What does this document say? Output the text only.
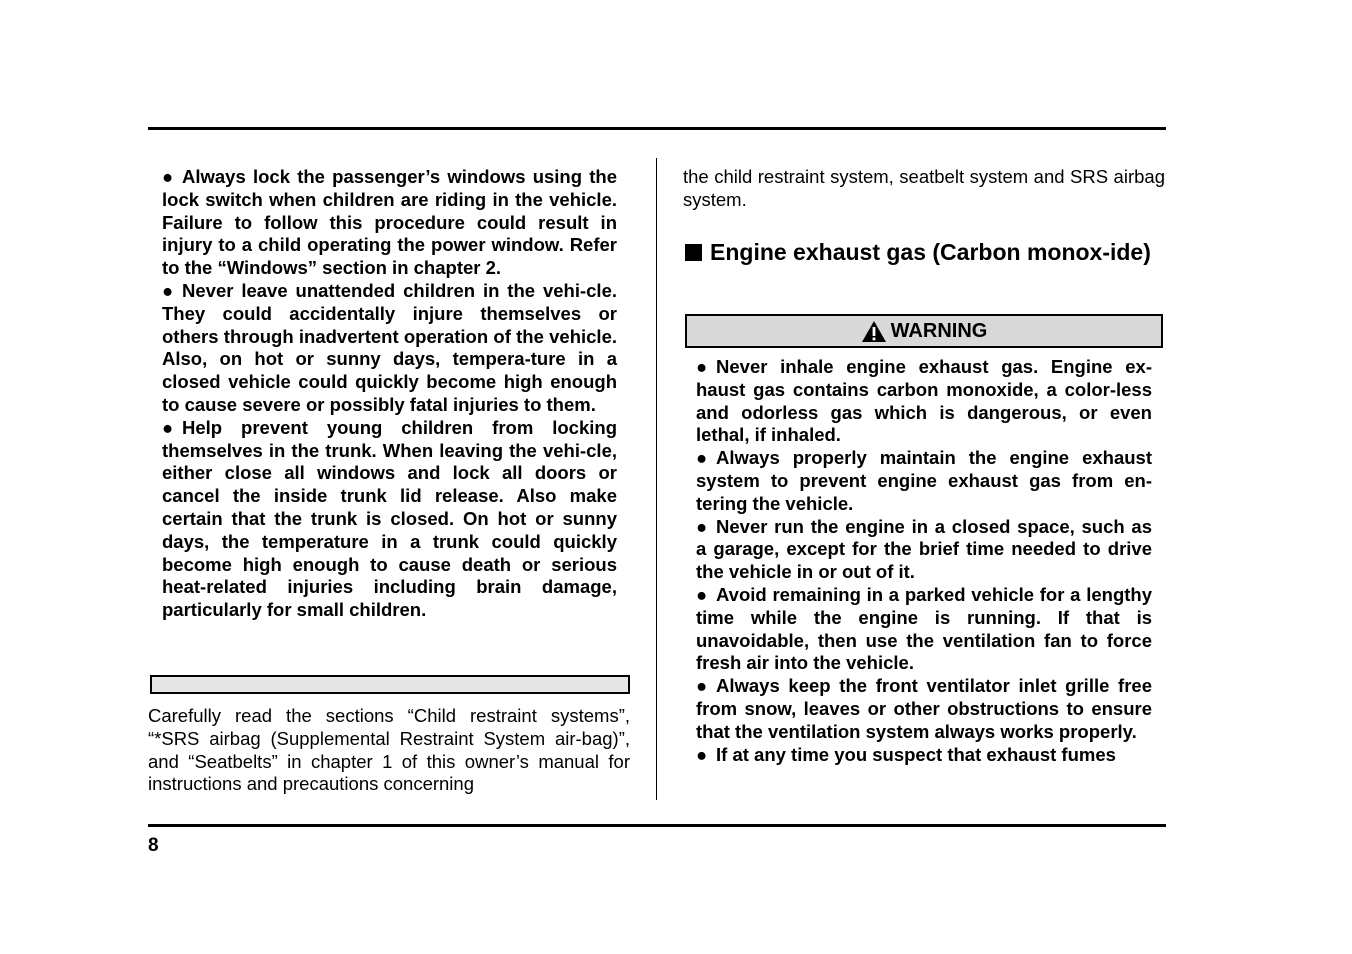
● Always lock the passenger’s windows using the lock switch when children are riding in the vehicle. Failure to follow this procedure could result in injury to a child operating the power window. Refer to the “Windows” section in chapter 2.

● Never leave unattended children in the vehi-cle. They could accidentally injure themselves or others through inadvertent operation of the vehicle. Also, on hot or sunny days, tempera-ture in a closed vehicle could quickly become high enough to cause severe or possibly fatal injuries to them.

● Help prevent young children from locking themselves in the trunk. When leaving the vehi-cle, either close all windows and lock all doors or cancel the inside trunk lid release. Also make certain that the trunk is closed. On hot or sunny days, the temperature in a trunk could quickly become high enough to cause death or serious heat-related injuries including brain damage, particularly for small children.

Carefully read the sections “Child restraint systems”, “*SRS airbag (Supplemental Restraint System air-bag)”, and “Seatbelts” in chapter 1 of this owner’s manual for instructions and precautions concerning

the child restraint system, seatbelt system and SRS airbag system.

Engine exhaust gas (Carbon monox-ide)
WARNING

● Never inhale engine exhaust gas. Engine ex-haust gas contains carbon monoxide, a color-less and odorless gas which is dangerous, or even lethal, if inhaled.

● Always properly maintain the engine exhaust system to prevent engine exhaust gas from en-tering the vehicle.

● Never run the engine in a closed space, such as a garage, except for the brief time needed to drive the vehicle in or out of it.

● Avoid remaining in a parked vehicle for a lengthy time while the engine is running. If that is unavoidable, then use the ventilation fan to force fresh air into the vehicle.

● Always keep the front ventilator inlet grille free from snow, leaves or other obstructions to ensure that the ventilation system always works properly.

● If at any time you suspect that exhaust fumes

8
